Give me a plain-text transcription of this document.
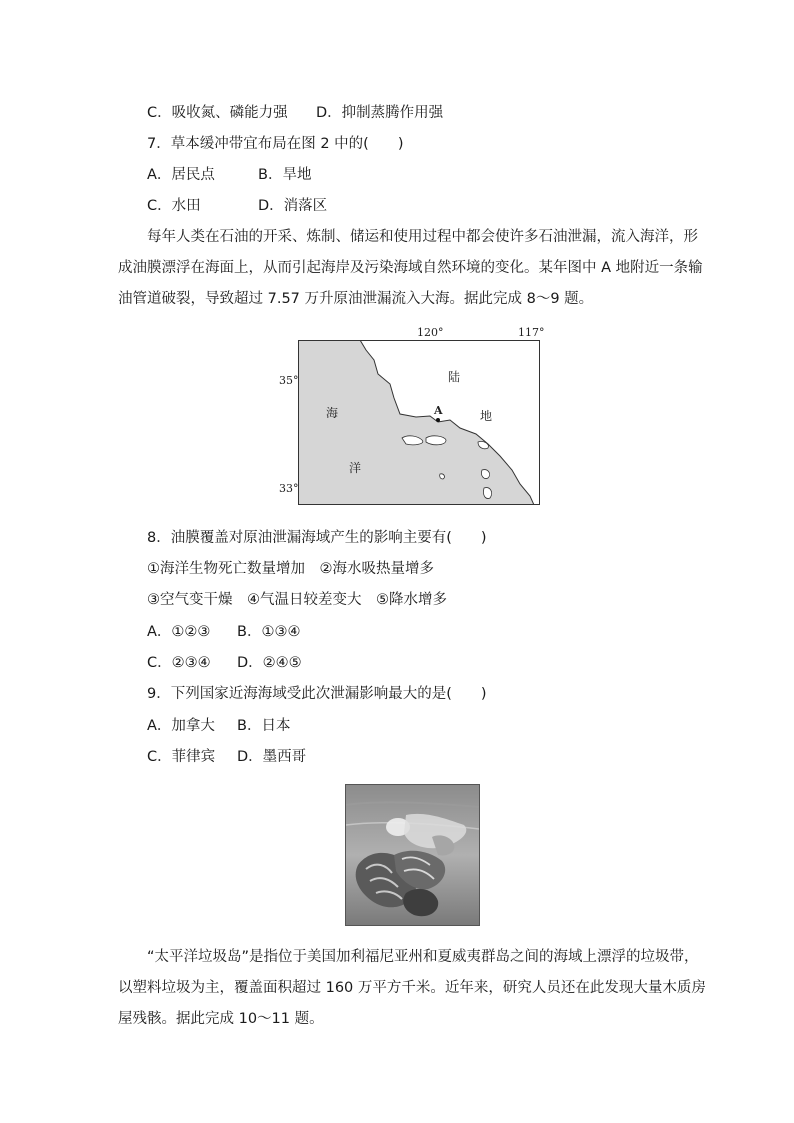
C．吸收氮、磷能力强 D．抑制蒸腾作用强
7．草本缓冲带宜布局在图 2 中的(　　)
A．居民点	B．旱地
C．水田	D．消落区
每年人类在石油的开采、炼制、储运和使用过程中都会使许多石油泄漏，流入海洋，形
成油膜漂浮在海面上，从而引起海岸及污染海域自然环境的变化。某年图中 A 地附近一条输
油管道破裂，导致超过 7.57 万升原油泄漏流入大海。据此完成 8～9 题。
120°	117°
35°
33°
陆
地
海
洋
A
8．油膜覆盖对原油泄漏海域产生的影响主要有(　　)
①海洋生物死亡数量增加　②海水吸热量增多
③空气变干燥　④气温日较差变大　⑤降水增多
A．①②③ B．①③④
C．②③④ D．②④⑤
9．下列国家近海海域受此次泄漏影响最大的是(　　)
A．加拿大 B．日本
C．菲律宾 D．墨西哥
“太平洋垃圾岛”是指位于美国加利福尼亚州和夏威夷群岛之间的海域上漂浮的垃圾带，
以塑料垃圾为主，覆盖面积超过 160 万平方千米。近年来，研究人员还在此发现大量木质房
屋残骸。据此完成 10～11 题。
